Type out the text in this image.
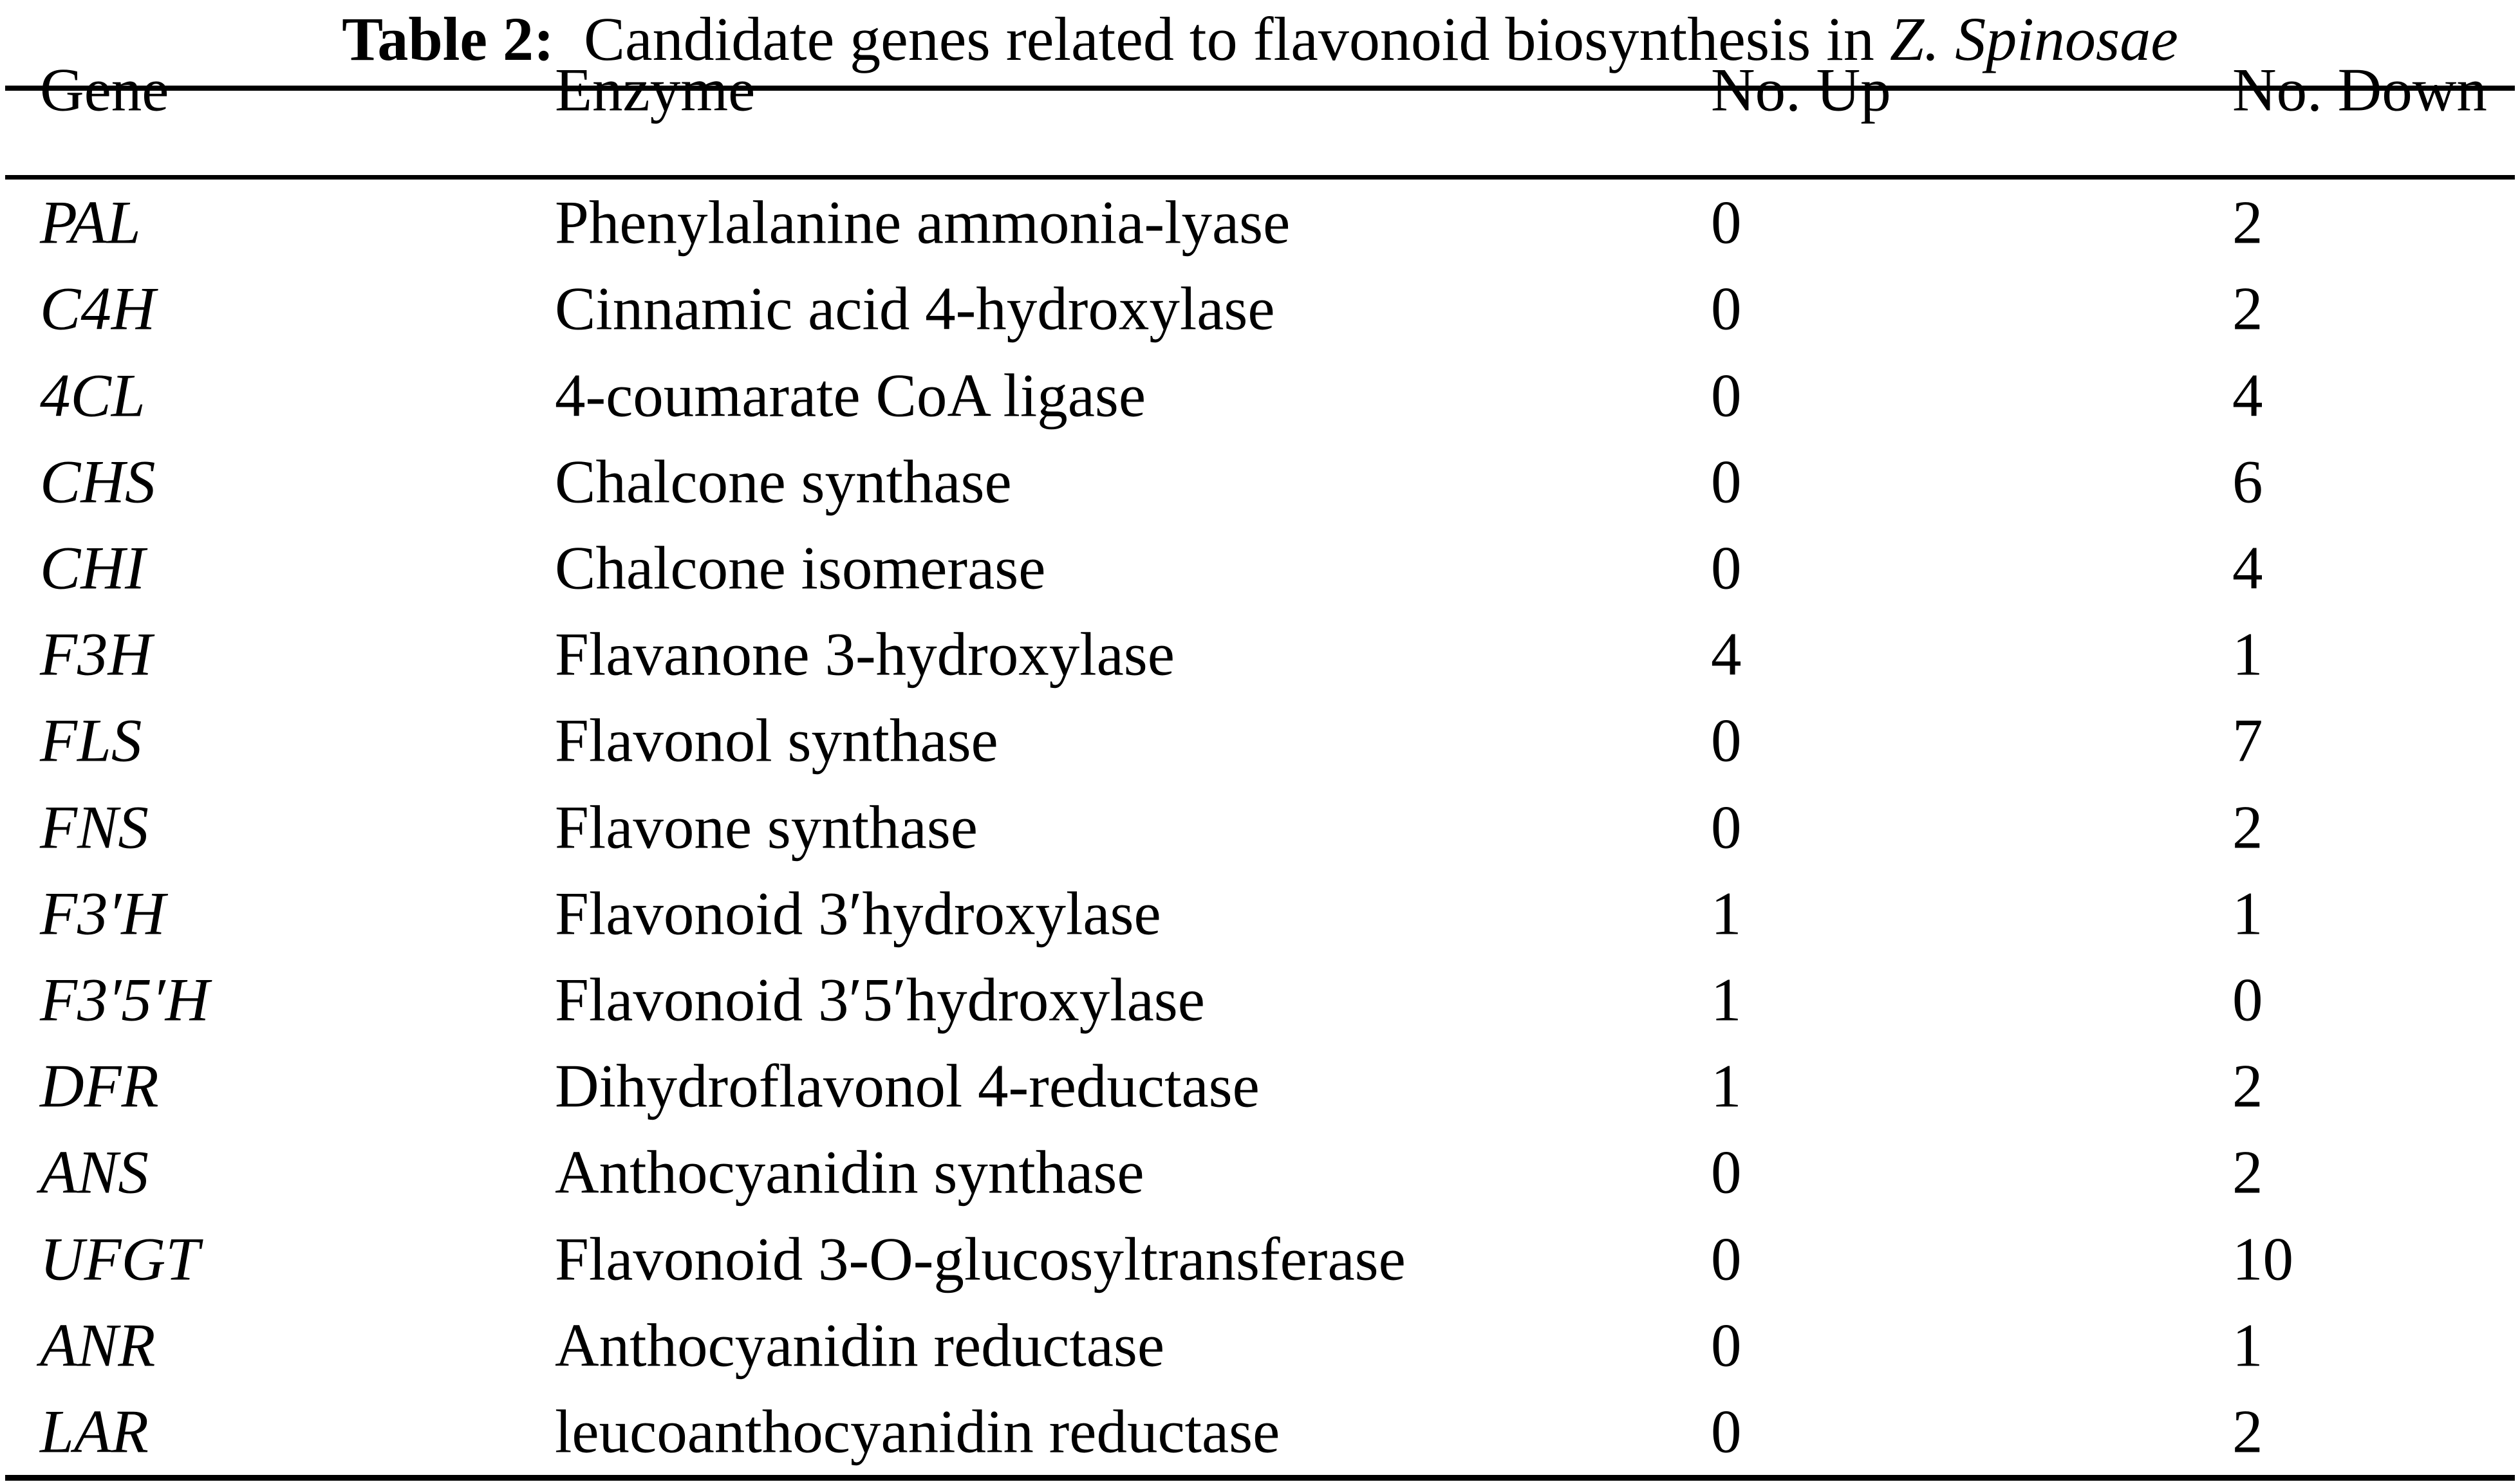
Table 2: Candidate genes related to flavonoid biosynthesis in Z. Spinosae
Gene	Enzyme	No. Up	No. Down
PAL	Phenylalanine ammonia-lyase	0	2
C4H	Cinnamic acid 4-hydroxylase	0	2
4CL	4-coumarate CoA ligase	0	4
CHS	Chalcone synthase	0	6
CHI	Chalcone isomerase	0	4
F3H	Flavanone 3-hydroxylase	4	1
FLS	Flavonol synthase	0	7
FNS	Flavone synthase	0	2
F3′H	Flavonoid 3′hydroxylase	1	1
F3′5′H	Flavonoid 3′5′hydroxylase	1	0
DFR	Dihydroflavonol 4-reductase	1	2
ANS	Anthocyanidin synthase	0	2
UFGT	Flavonoid 3-O-glucosyltransferase	0	10
ANR	Anthocyanidin reductase	0	1
LAR	leucoanthocyanidin reductase	0	2
